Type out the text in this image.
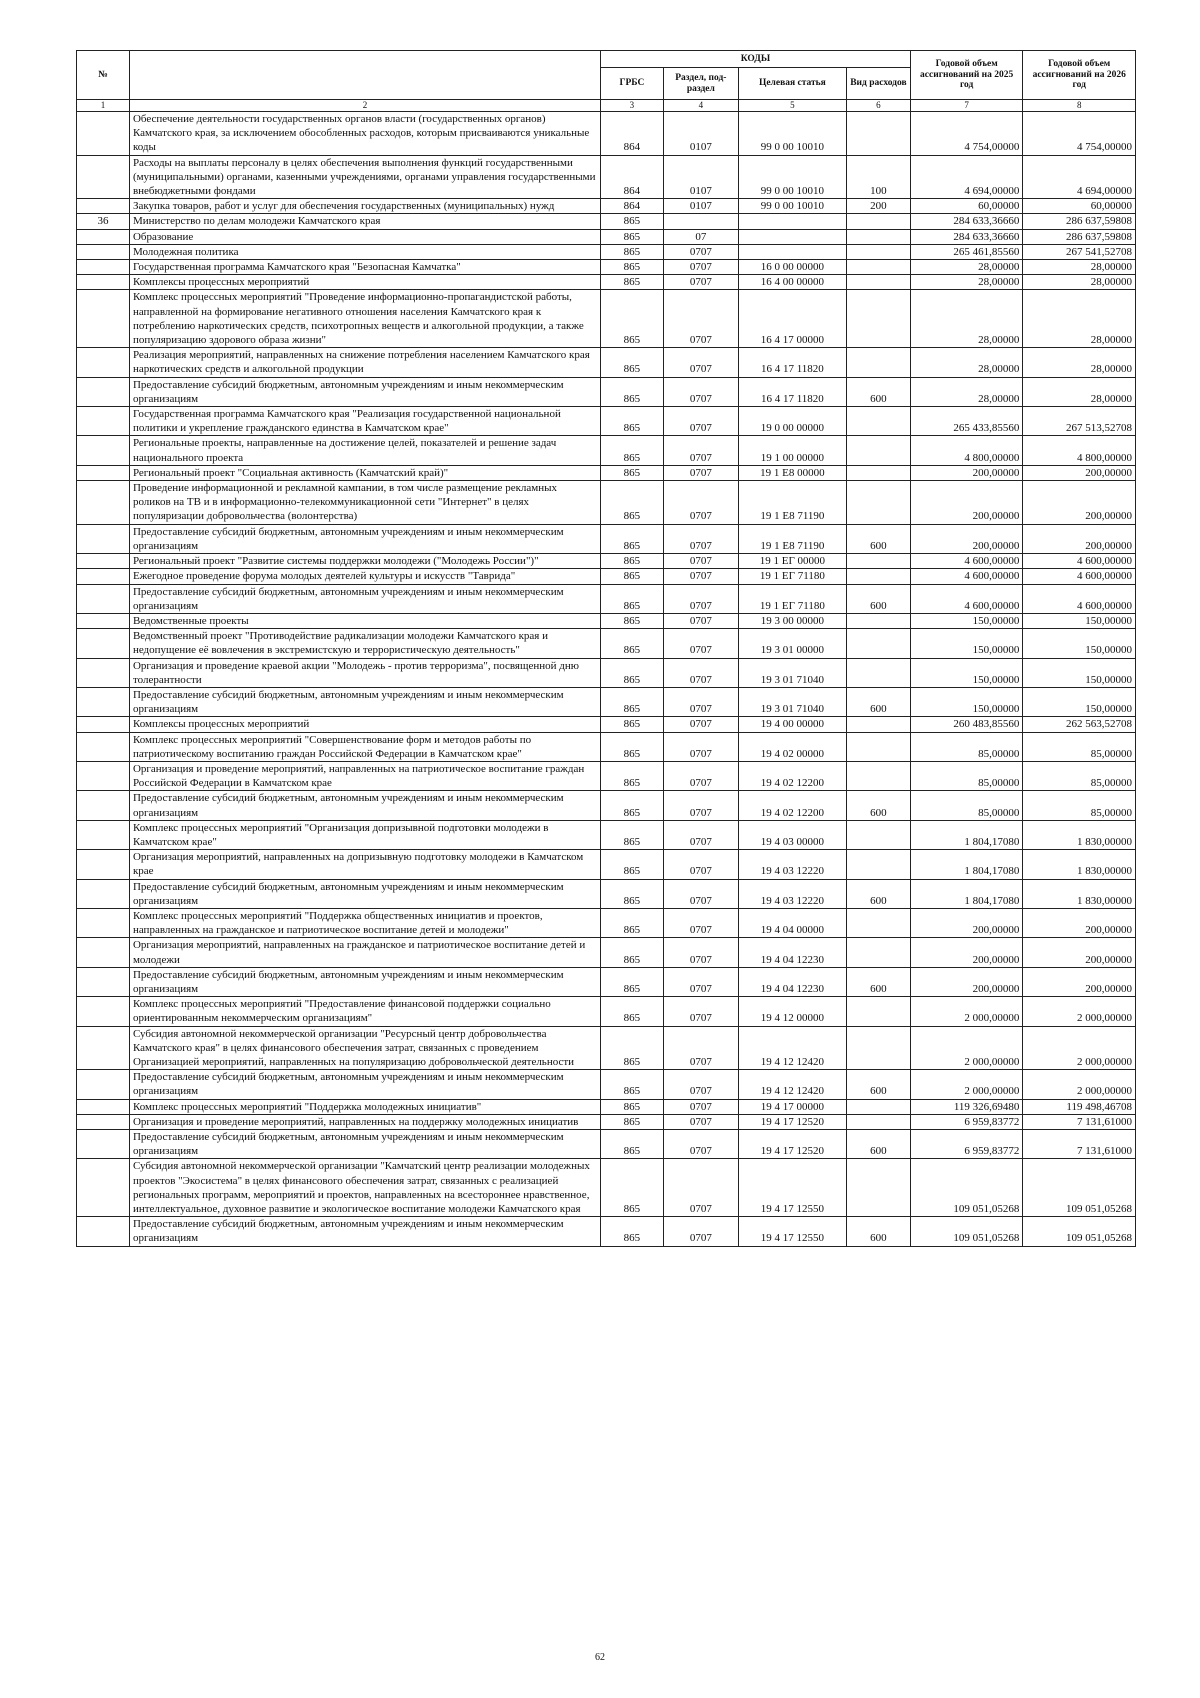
№		КОДЫ				Годовой объем ассигнований на 2025 год	Годовой объем ассигнований на 2026 год
		ГРБС	Раздел, под-раздел	Целевая статья	Вид расходов		
1	2	3	4	5	6	7	8
	Обеспечение деятельности государственных органов власти (государственных органов) Камчатского края, за исключением обособленных расходов, которым присваиваются уникальные коды	864	0107	99 0 00 10010		4 754,00000	4 754,00000
	Расходы на выплаты персоналу в целях обеспечения выполнения функций государственными (муниципальными) органами, казенными учреждениями, органами управления государственными внебюджетными фондами	864	0107	99 0 00 10010	100	4 694,00000	4 694,00000
	Закупка товаров, работ и услуг для обеспечения государственных (муниципальных) нужд	864	0107	99 0 00 10010	200	60,00000	60,00000
36	Министерство по делам молодежи Камчатского края	865				284 633,36660	286 637,59808
	Образование	865	07			284 633,36660	286 637,59808
	Молодежная политика	865	0707			265 461,85560	267 541,52708
	Государственная программа Камчатского края "Безопасная Камчатка"	865	0707	16 0 00 00000		28,00000	28,00000
	Комплексы процессных мероприятий	865	0707	16 4 00 00000		28,00000	28,00000
	Комплекс процессных мероприятий "Проведение информационно-пропагандистской работы, направленной на формирование негативного отношения населения Камчатского края к потреблению наркотических средств, психотропных веществ и алкогольной продукции, а также популяризацию здорового образа жизни"	865	0707	16 4 17 00000		28,00000	28,00000
	Реализация мероприятий, направленных на снижение потребления населением Камчатского края наркотических средств и алкогольной продукции	865	0707	16 4 17 11820		28,00000	28,00000
	Предоставление субсидий бюджетным, автономным учреждениям и иным некоммерческим организациям	865	0707	16 4 17 11820	600	28,00000	28,00000
	Государственная программа Камчатского края "Реализация государственной национальной политики и укрепление гражданского единства в Камчатском крае"	865	0707	19 0 00 00000		265 433,85560	267 513,52708
	Региональные проекты, направленные на достижение целей, показателей и решение задач национального проекта	865	0707	19 1 00 00000		4 800,00000	4 800,00000
	Региональный проект "Социальная активность (Камчатский край)"	865	0707	19 1 Е8 00000		200,00000	200,00000
	Проведение информационной и рекламной кампании, в том числе размещение рекламных роликов на ТВ и в информационно-телекоммуникационной сети "Интернет" в целях популяризации добровольчества (волонтерства)	865	0707	19 1 Е8 71190		200,00000	200,00000
	Предоставление субсидий бюджетным, автономным учреждениям и иным некоммерческим организациям	865	0707	19 1 Е8 71190	600	200,00000	200,00000
	Региональный проект "Развитие системы поддержки молодежи ("Молодежь России")"	865	0707	19 1 ЕГ 00000		4 600,00000	4 600,00000
	Ежегодное проведение форума молодых деятелей культуры и искусств "Таврида"	865	0707	19 1 ЕГ 71180		4 600,00000	4 600,00000
	Предоставление субсидий бюджетным, автономным учреждениям и иным некоммерческим организациям	865	0707	19 1 ЕГ 71180	600	4 600,00000	4 600,00000
	Ведомственные проекты	865	0707	19 3 00 00000		150,00000	150,00000
	Ведомственный проект "Противодействие радикализации молодежи Камчатского края и недопущение её вовлечения в экстремистскую и террористическую деятельность"	865	0707	19 3 01 00000		150,00000	150,00000
	Организация и проведение краевой акции "Молодежь - против терроризма", посвященной дню толерантности	865	0707	19 3 01 71040		150,00000	150,00000
	Предоставление субсидий бюджетным, автономным учреждениям и иным некоммерческим организациям	865	0707	19 3 01 71040	600	150,00000	150,00000
	Комплексы процессных мероприятий	865	0707	19 4 00 00000		260 483,85560	262 563,52708
	Комплекс процессных мероприятий "Совершенствование форм и методов работы по патриотическому воспитанию граждан Российской Федерации в Камчатском крае"	865	0707	19 4 02 00000		85,00000	85,00000
	Организация и проведение мероприятий, направленных на патриотическое воспитание граждан Российской Федерации в Камчатском крае	865	0707	19 4 02 12200		85,00000	85,00000
	Предоставление субсидий бюджетным, автономным учреждениям и иным некоммерческим организациям	865	0707	19 4 02 12200	600	85,00000	85,00000
	Комплекс процессных мероприятий "Организация допризывной подготовки молодежи в Камчатском крае"	865	0707	19 4 03 00000		1 804,17080	1 830,00000
	Организация мероприятий, направленных на допризывную подготовку молодежи в Камчатском крае	865	0707	19 4 03 12220		1 804,17080	1 830,00000
	Предоставление субсидий бюджетным, автономным учреждениям и иным некоммерческим организациям	865	0707	19 4 03 12220	600	1 804,17080	1 830,00000
	Комплекс процессных мероприятий "Поддержка общественных инициатив и проектов, направленных на гражданское и патриотическое воспитание детей и молодежи"	865	0707	19 4 04 00000		200,00000	200,00000
	Организация мероприятий, направленных на гражданское и патриотическое воспитание детей и молодежи	865	0707	19 4 04 12230		200,00000	200,00000
	Предоставление субсидий бюджетным, автономным учреждениям и иным некоммерческим организациям	865	0707	19 4 04 12230	600	200,00000	200,00000
	Комплекс процессных мероприятий "Предоставление финансовой поддержки социально ориентированным некоммерческим организациям"	865	0707	19 4 12 00000		2 000,00000	2 000,00000
	Субсидия автономной некоммерческой организации "Ресурсный центр добровольчества Камчатского края" в целях финансового обеспечения затрат, связанных с проведением Организацией мероприятий, направленных на популяризацию добровольческой деятельности	865	0707	19 4 12 12420		2 000,00000	2 000,00000
	Предоставление субсидий бюджетным, автономным учреждениям и иным некоммерческим организациям	865	0707	19 4 12 12420	600	2 000,00000	2 000,00000
	Комплекс процессных мероприятий "Поддержка молодежных инициатив"	865	0707	19 4 17 00000		119 326,69480	119 498,46708
	Организация и проведение мероприятий, направленных на поддержку молодежных инициатив	865	0707	19 4 17 12520		6 959,83772	7 131,61000
	Предоставление субсидий бюджетным, автономным учреждениям и иным некоммерческим организациям	865	0707	19 4 17 12520	600	6 959,83772	7 131,61000
	Субсидия автономной некоммерческой организации "Камчатский центр реализации молодежных проектов "Экосистема" в целях финансового обеспечения затрат, связанных с реализацией региональных программ, мероприятий и проектов, направленных на всестороннее нравственное, интеллектуальное, духовное развитие и экологическое воспитание молодежи Камчатского края	865	0707	19 4 17 12550		109 051,05268	109 051,05268
	Предоставление субсидий бюджетным, автономным учреждениям и иным некоммерческим организациям	865	0707	19 4 17 12550	600	109 051,05268	109 051,05268
62
